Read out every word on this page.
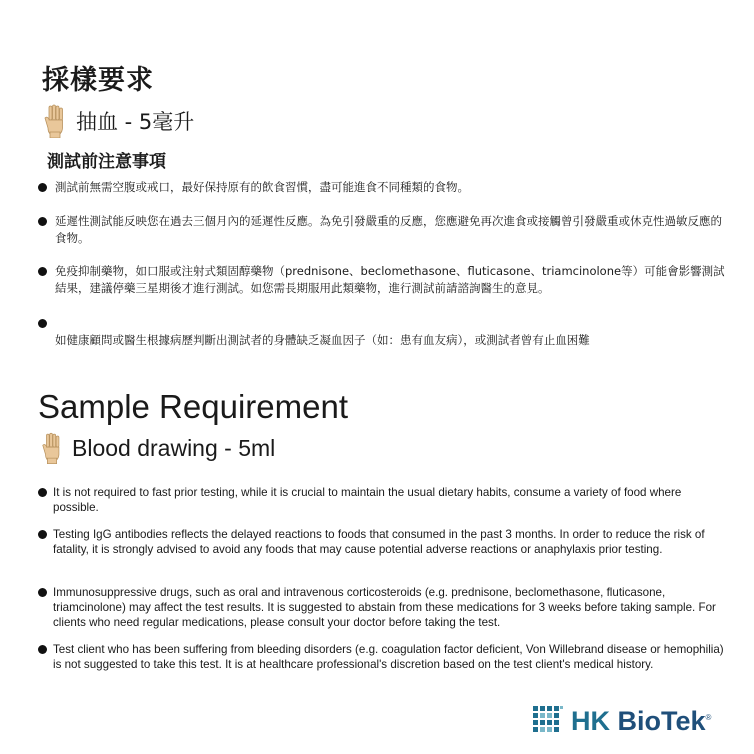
採樣要求
抽血 - 5毫升
測試前注意事項
測試前無需空腹或戒口，最好保持原有的飲食習慣，盡可能進食不同種類的食物。
延遲性測試能反映您在過去三個月內的延遲性反應。為免引發嚴重的反應，您應避免再次進食或接觸曾引發嚴重或休克性過敏反應的食物。
免疫抑制藥物，如口服或注射式類固醇藥物（prednisone、beclomethasone、fluticasone、triamcinolone等）可能會影響測試結果，建議停藥三星期後才進行測試。如您需長期服用此類藥物，進行測試前請諮詢醫生的意見。
如健康顧問或醫生根據病歷判斷出測試者的身體缺乏凝血因子（如：患有血友病），或測試者曾有止血困難
Sample Requirement
Blood drawing - 5ml
It is not required to fast prior testing, while it is crucial to maintain the usual dietary habits, consume a variety of food where possible.
Testing IgG antibodies reflects the delayed reactions to foods that consumed in the past 3 months. In order to reduce the risk of fatality, it is strongly advised to avoid any foods that may cause potential adverse reactions or anaphylaxis prior testing.
Immunosuppressive drugs, such as oral and intravenous corticosteroids (e.g. prednisone, beclomethasone, fluticasone, triamcinolone) may affect the test results. It is suggested to abstain from these medications for 3 weeks before taking sample. For clients who need regular medications, please consult your doctor before taking the test.
Test client who has been suffering from bleeding disorders (e.g. coagulation factor deficient, Von Willebrand disease or hemophilia) is not suggested to take this test. It is at healthcare professional's discretion based on the test client's medical history.
HK BioTek®
